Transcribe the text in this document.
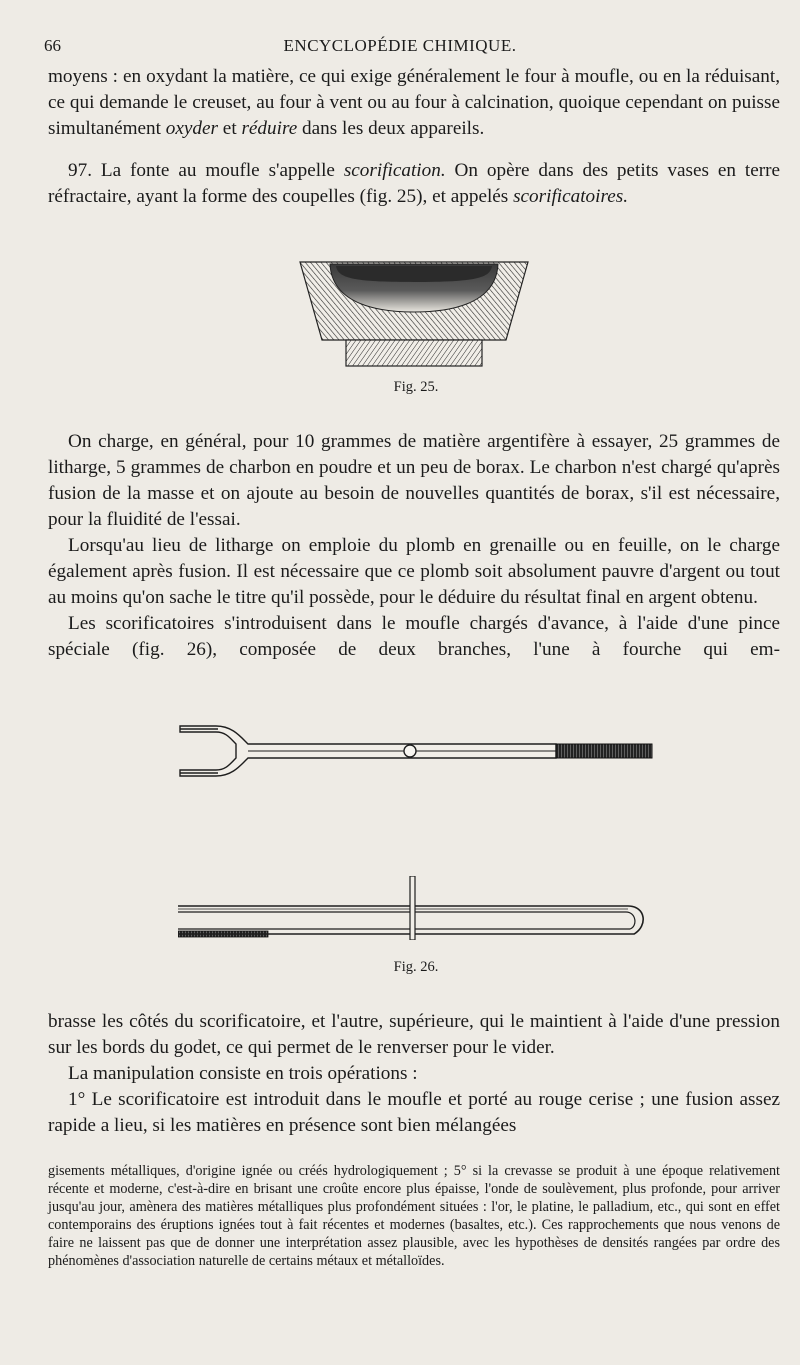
66	ENCYCLOPÉDIE CHIMIQUE.

moyens : en oxydant la matière, ce qui exige généralement le four à moufle, ou en la réduisant, ce qui demande le creuset, au four à vent ou au four à calcination, quoique cependant on puisse simultanément oxyder et réduire dans les deux appareils.

97. La fonte au moufle s'appelle scorification. On opère dans des petits vases en terre réfractaire, ayant la forme des coupelles (fig. 25), et appelés scorificatoires.

Fig. 25.

On charge, en général, pour 10 grammes de matière argentifère à essayer, 25 grammes de litharge, 5 grammes de charbon en poudre et un peu de borax. Le charbon n'est chargé qu'après fusion de la masse et on ajoute au besoin de nouvelles quantités de borax, s'il est nécessaire, pour la fluidité de l'essai.

Lorsqu'au lieu de litharge on emploie du plomb en grenaille ou en feuille, on le charge également après fusion. Il est nécessaire que ce plomb soit absolument pauvre d'argent ou tout au moins qu'on sache le titre qu'il possède, pour le déduire du résultat final en argent obtenu.

Les scorificatoires s'introduisent dans le moufle chargés d'avance, à l'aide d'une pince spéciale (fig. 26), composée de deux branches, l'une à fourche qui em-

Fig. 26.

brasse les côtés du scorificatoire, et l'autre, supérieure, qui le maintient à l'aide d'une pression sur les bords du godet, ce qui permet de le renverser pour le vider.

La manipulation consiste en trois opérations :

1° Le scorificatoire est introduit dans le moufle et porté au rouge cerise ; une fusion assez rapide a lieu, si les matières en présence sont bien mélangées

gisements métalliques, d'origine ignée ou créés hydrologiquement ; 5° si la crevasse se produit à une époque relativement récente et moderne, c'est-à-dire en brisant une croûte encore plus épaisse, l'onde de soulèvement, plus profonde, pour arriver jusqu'au jour, amènera des matières métalliques plus profondément situées : l'or, le platine, le palladium, etc., qui sont en effet contemporains des éruptions ignées tout à fait récentes et modernes (basaltes, etc.). Ces rapprochements que nous venons de faire ne laissent pas que de donner une interprétation assez plausible, avec les hypothèses de densités rangées par ordre des phénomènes d'association naturelle de certains métaux et métalloïdes.
